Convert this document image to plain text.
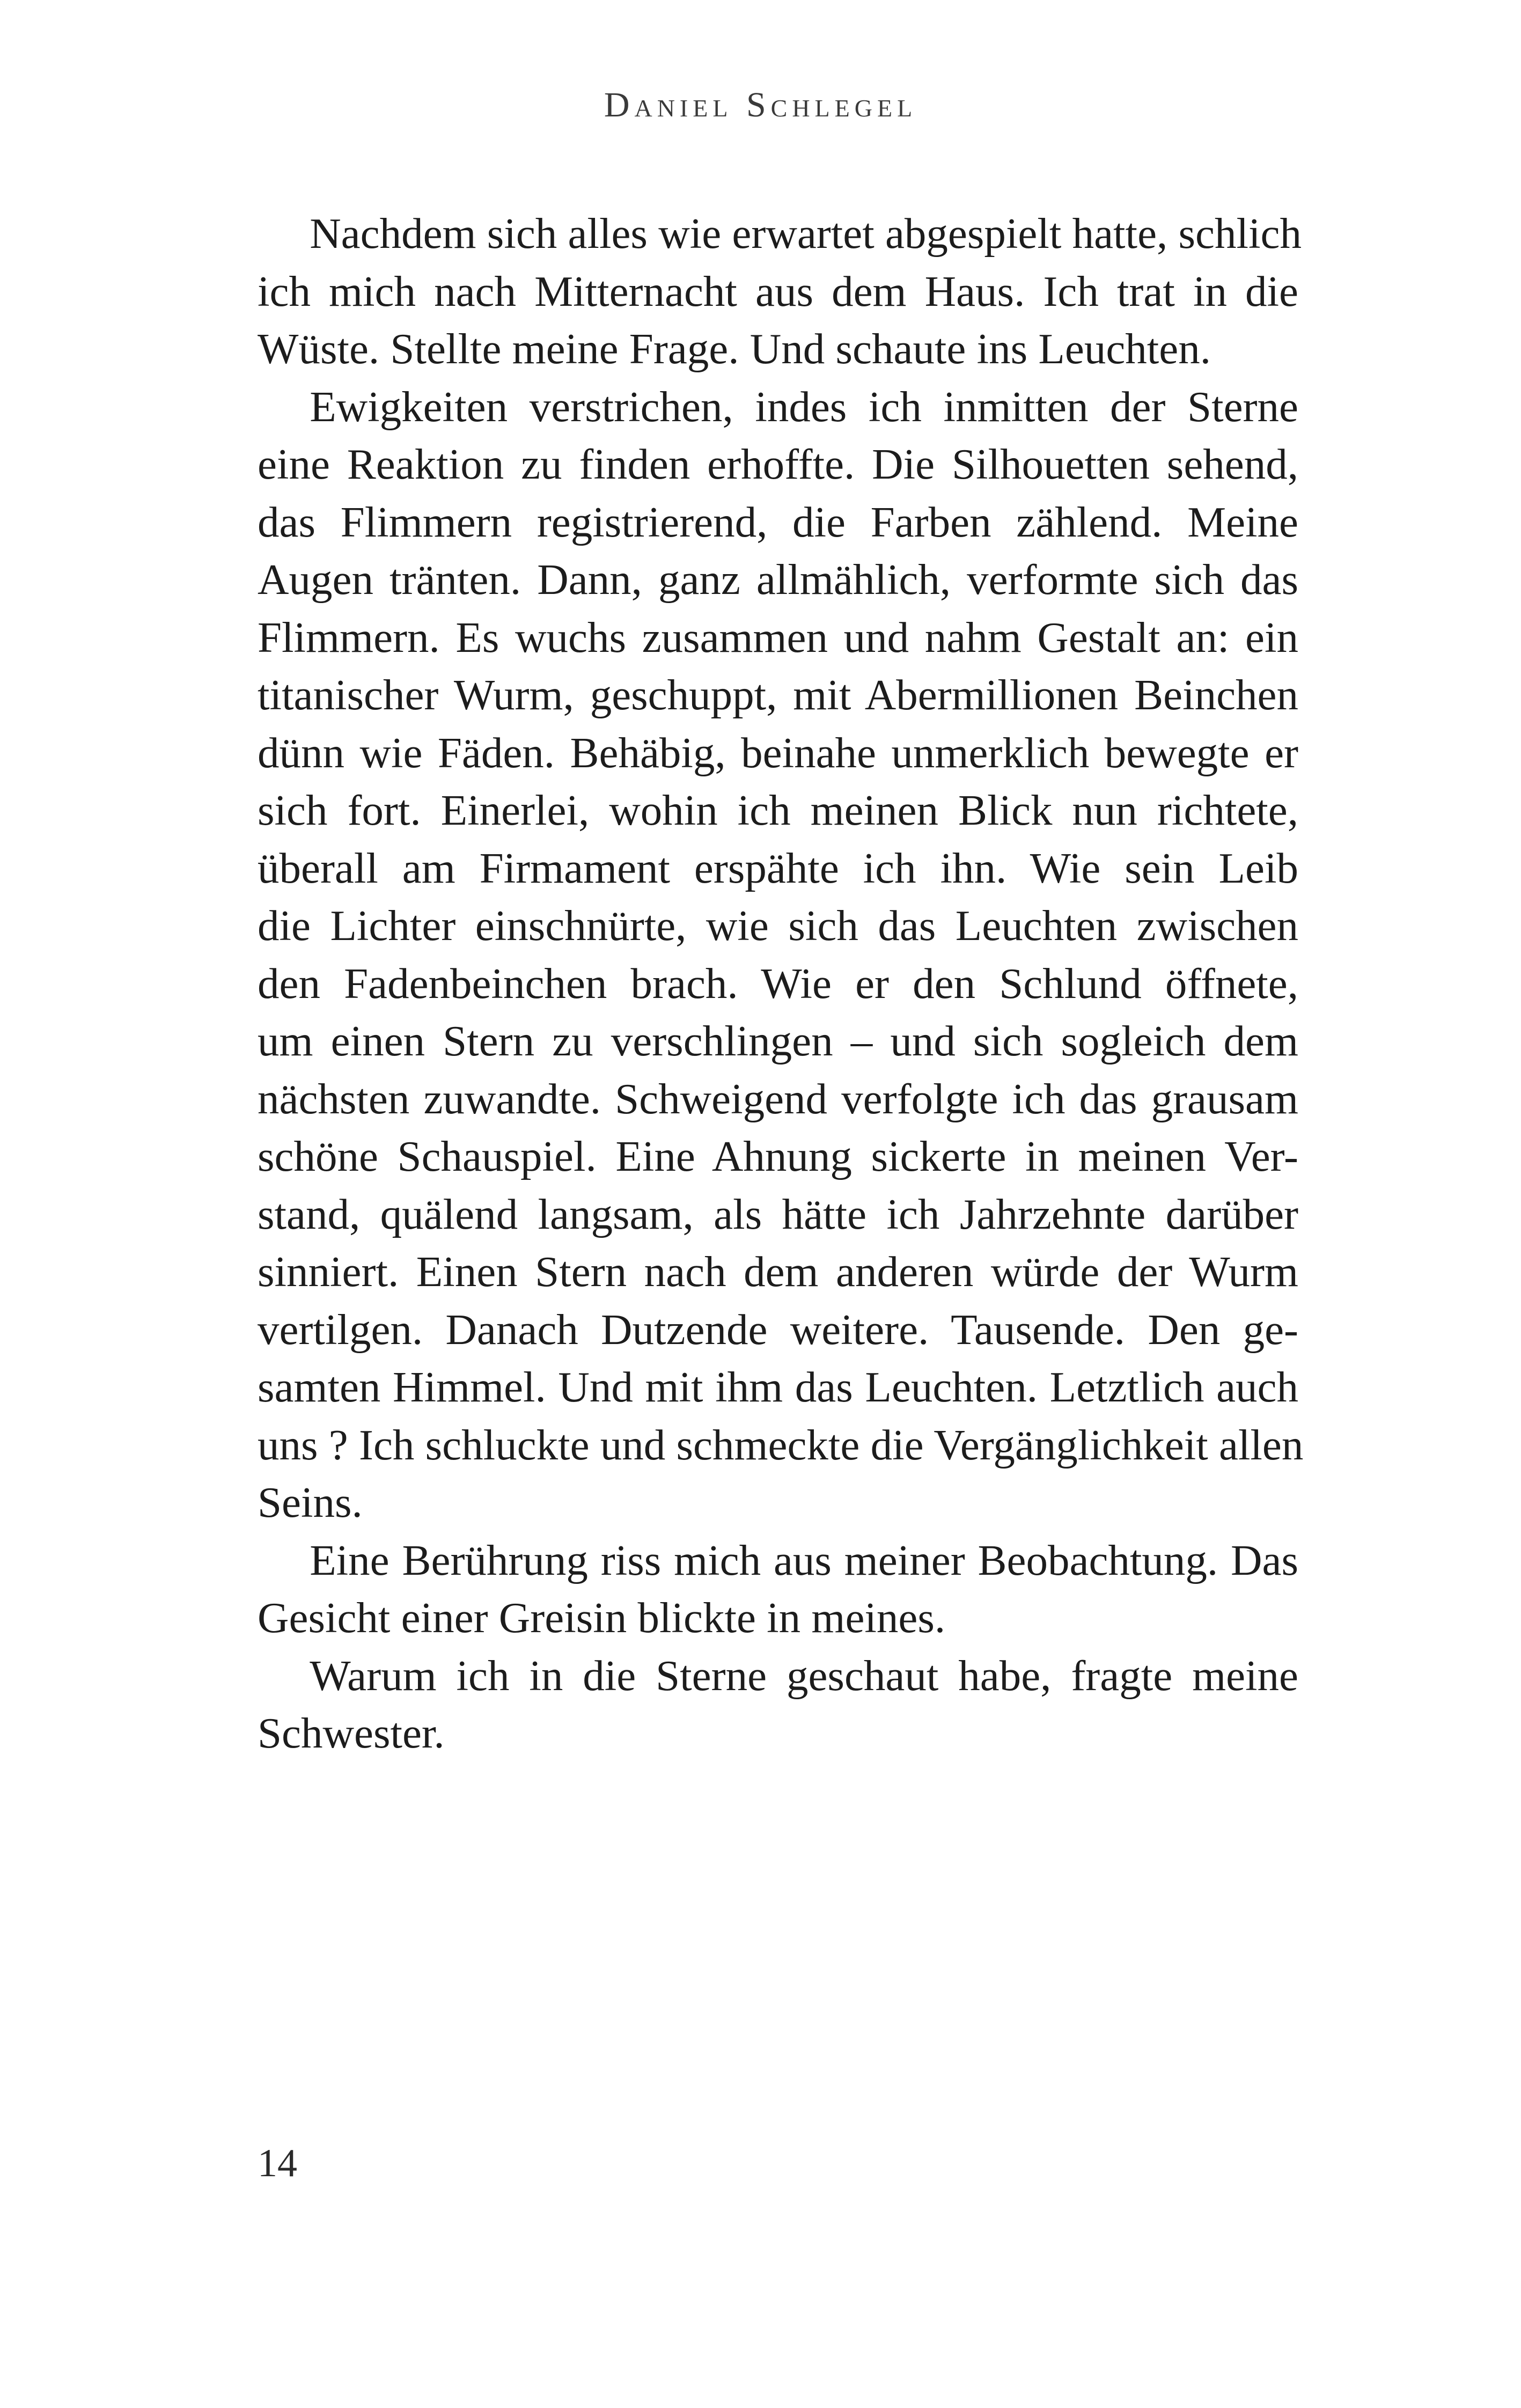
Daniel Schlegel

Nachdem sich alles wie erwartet abgespielt hatte, schlich
ich mich nach Mitternacht aus dem Haus. Ich trat in die
Wüste. Stellte meine Frage. Und schaute ins Leuchten.

Ewigkeiten verstrichen, indes ich inmitten der Sterne
eine Reaktion zu finden erhoffte. Die Silhouetten sehend,
das Flimmern registrierend, die Farben zählend. Meine
Augen tränten. Dann, ganz allmählich, verformte sich das
Flimmern. Es wuchs zusammen und nahm Gestalt an: ein
titanischer Wurm, geschuppt, mit Abermillionen Beinchen
dünn wie Fäden. Behäbig, beinahe unmerklich bewegte er
sich fort. Einerlei, wohin ich meinen Blick nun richtete,
überall am Firmament erspähte ich ihn. Wie sein Leib
die Lichter einschnürte, wie sich das Leuchten zwischen
den Fadenbeinchen brach. Wie er den Schlund öffnete,
um einen Stern zu verschlingen – und sich sogleich dem
nächsten zuwandte. Schweigend verfolgte ich das grausam
schöne Schauspiel. Eine Ahnung sickerte in meinen Ver-
stand, quälend langsam, als hätte ich Jahrzehnte darüber
sinniert. Einen Stern nach dem anderen würde der Wurm
vertilgen. Danach Dutzende weitere. Tausende. Den ge-
samten Himmel. Und mit ihm das Leuchten. Letztlich auch
uns ? Ich schluckte und schmeckte die Vergänglichkeit allen
Seins.

Eine Berührung riss mich aus meiner Beobachtung. Das
Gesicht einer Greisin blickte in meines.

Warum ich in die Sterne geschaut habe, fragte meine
Schwester.

14
